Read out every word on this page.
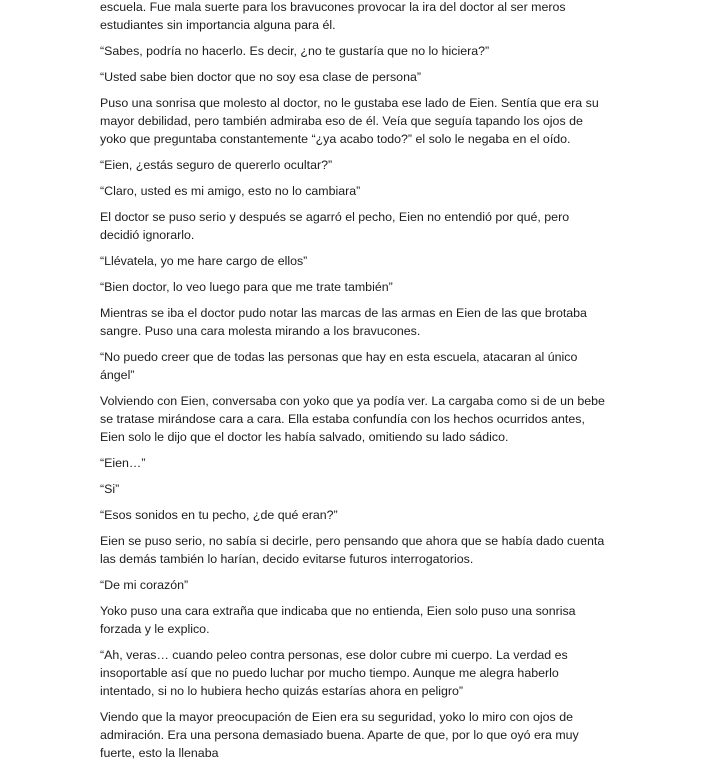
escuela. Fue mala suerte para los bravucones provocar la ira del doctor al ser meros estudiantes sin importancia alguna para él.

“Sabes, podría no hacerlo. Es decir, ¿no te gustaría que no lo hiciera?”

“Usted sabe bien doctor que no soy esa clase de persona”

Puso una sonrisa que molesto al doctor, no le gustaba ese lado de Eien. Sentía que era su mayor debilidad, pero también admiraba eso de él. Veía que seguía tapando los ojos de yoko que preguntaba constantemente “¿ya acabo todo?” el solo le negaba en el oído.

“Eien, ¿estás seguro de quererlo ocultar?”

“Claro, usted es mi amigo, esto no lo cambiara”

El doctor se puso serio y después se agarró el pecho, Eien no entendió por qué, pero decidió ignorarlo.

“Llévatela, yo me hare cargo de ellos”

“Bien doctor, lo veo luego para que me trate también”

Mientras se iba el doctor pudo notar las marcas de las armas en Eien de las que brotaba sangre. Puso una cara molesta mirando a los bravucones.

“No puedo creer que de todas las personas que hay en esta escuela, atacaran al único ángel”

Volviendo con Eien, conversaba con yoko que ya podía ver. La cargaba como si de un bebe se tratase mirándose cara a cara. Ella estaba confundía con los hechos ocurridos antes, Eien solo le dijo que el doctor les había salvado, omitiendo su lado sádico.

“Eien…”

“Si”

“Esos sonidos en tu pecho, ¿de qué eran?”

Eien se puso serio, no sabía si decirle, pero pensando que ahora que se había dado cuenta las demás también lo harían, decido evitarse futuros interrogatorios.

“De mi corazón”

Yoko puso una cara extraña que indicaba que no entienda, Eien solo puso una sonrisa forzada y le explico.

“Ah, veras… cuando peleo contra personas, ese dolor cubre mi cuerpo. La verdad es insoportable así que no puedo luchar por mucho tiempo. Aunque me alegra haberlo intentado, si no lo hubiera hecho quizás estarías ahora en peligro”

Viendo que la mayor preocupación de Eien era su seguridad, yoko lo miro con ojos de admiración. Era una persona demasiado buena. Aparte de que, por lo que oyó era muy fuerte, esto la llenaba
